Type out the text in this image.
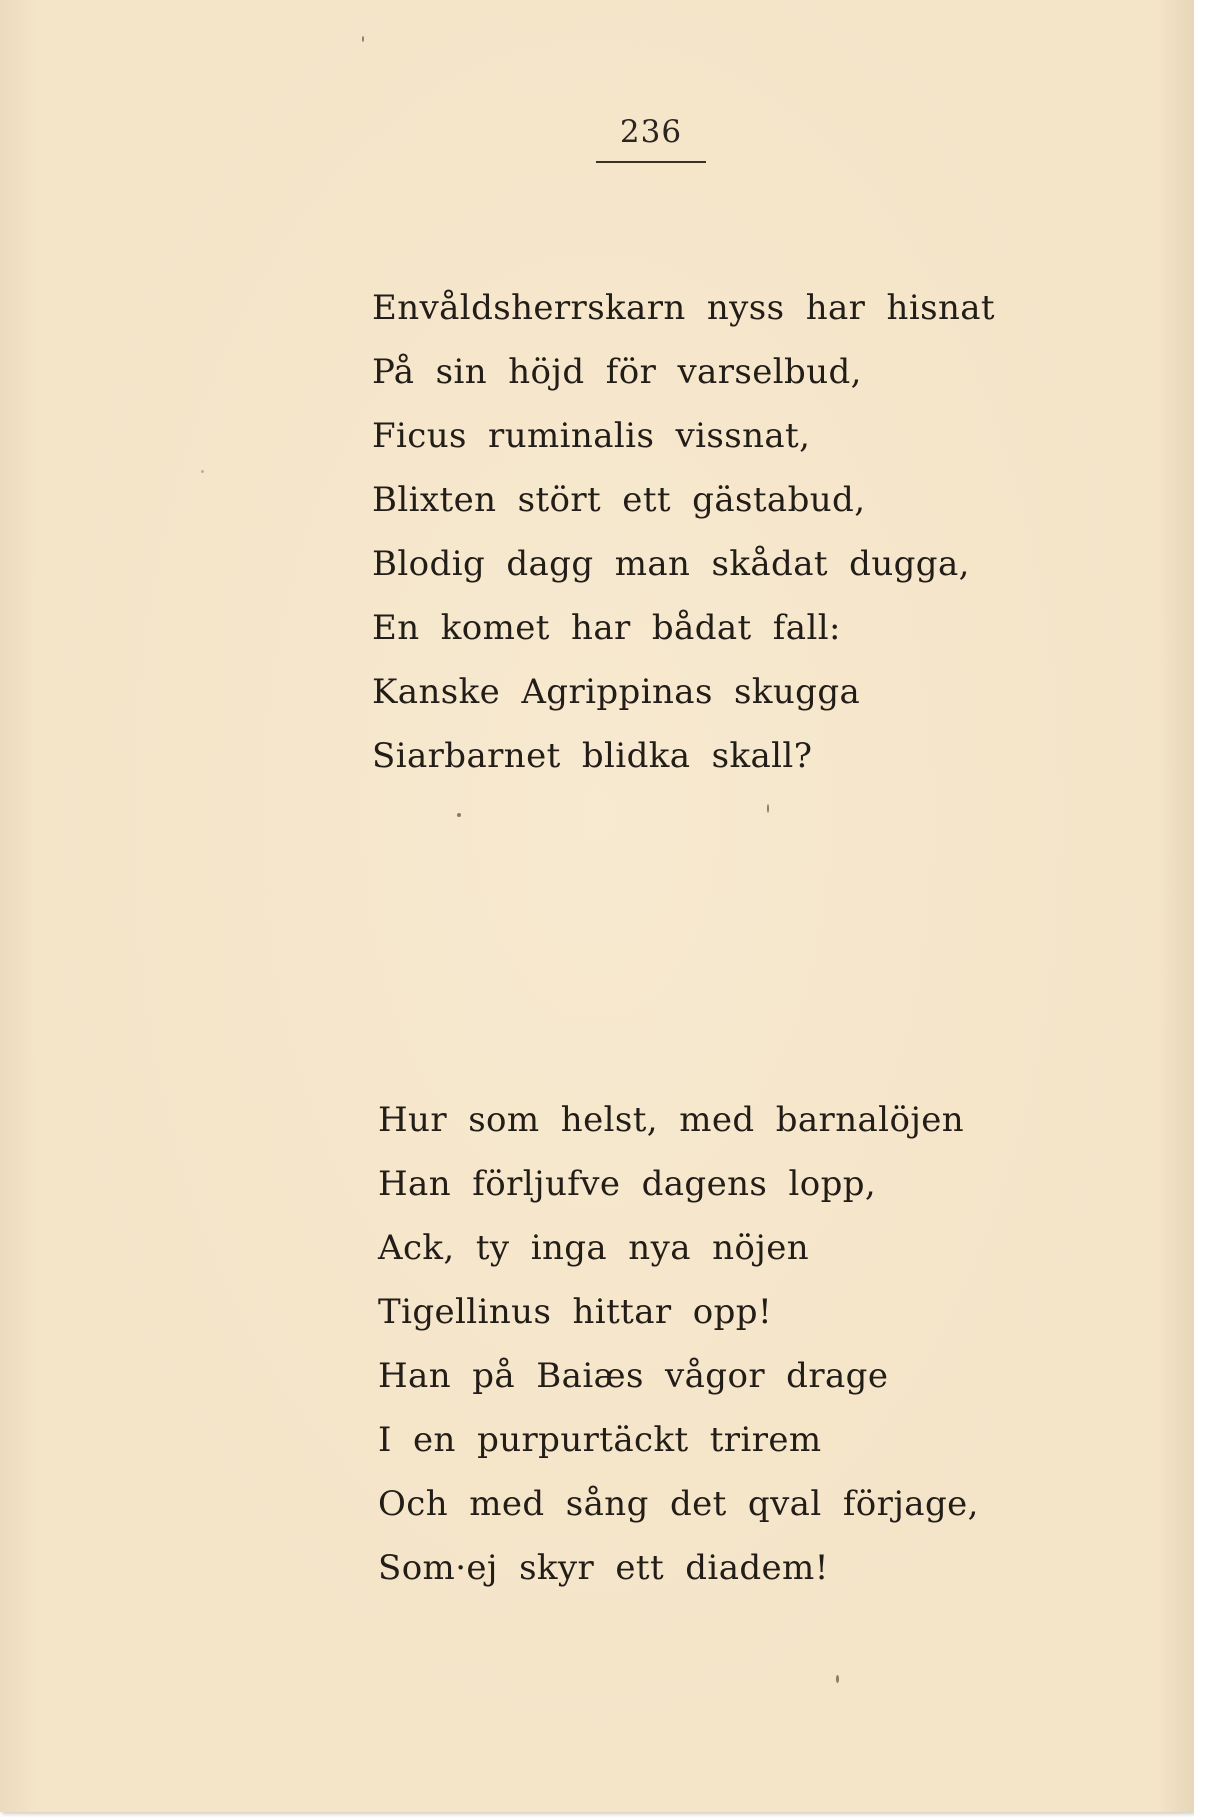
236
Envåldsherrskarn nyss har hisnat
På sin höjd för varselbud,
Ficus ruminalis vissnat,
Blixten stört ett gästabud,
Blodig dagg man skådat dugga,
En komet har bådat fall:
Kanske Agrippinas skugga
Siarbarnet blidka skall?
Hur som helst, med barnalöjen
Han förljufve dagens lopp,
Ack, ty inga nya nöjen
Tigellinus hittar opp!
Han på Baiæs vågor drage
I en purpurtäckt trirem
Och med sång det qval förjage,
Som·ej skyr ett diadem!
